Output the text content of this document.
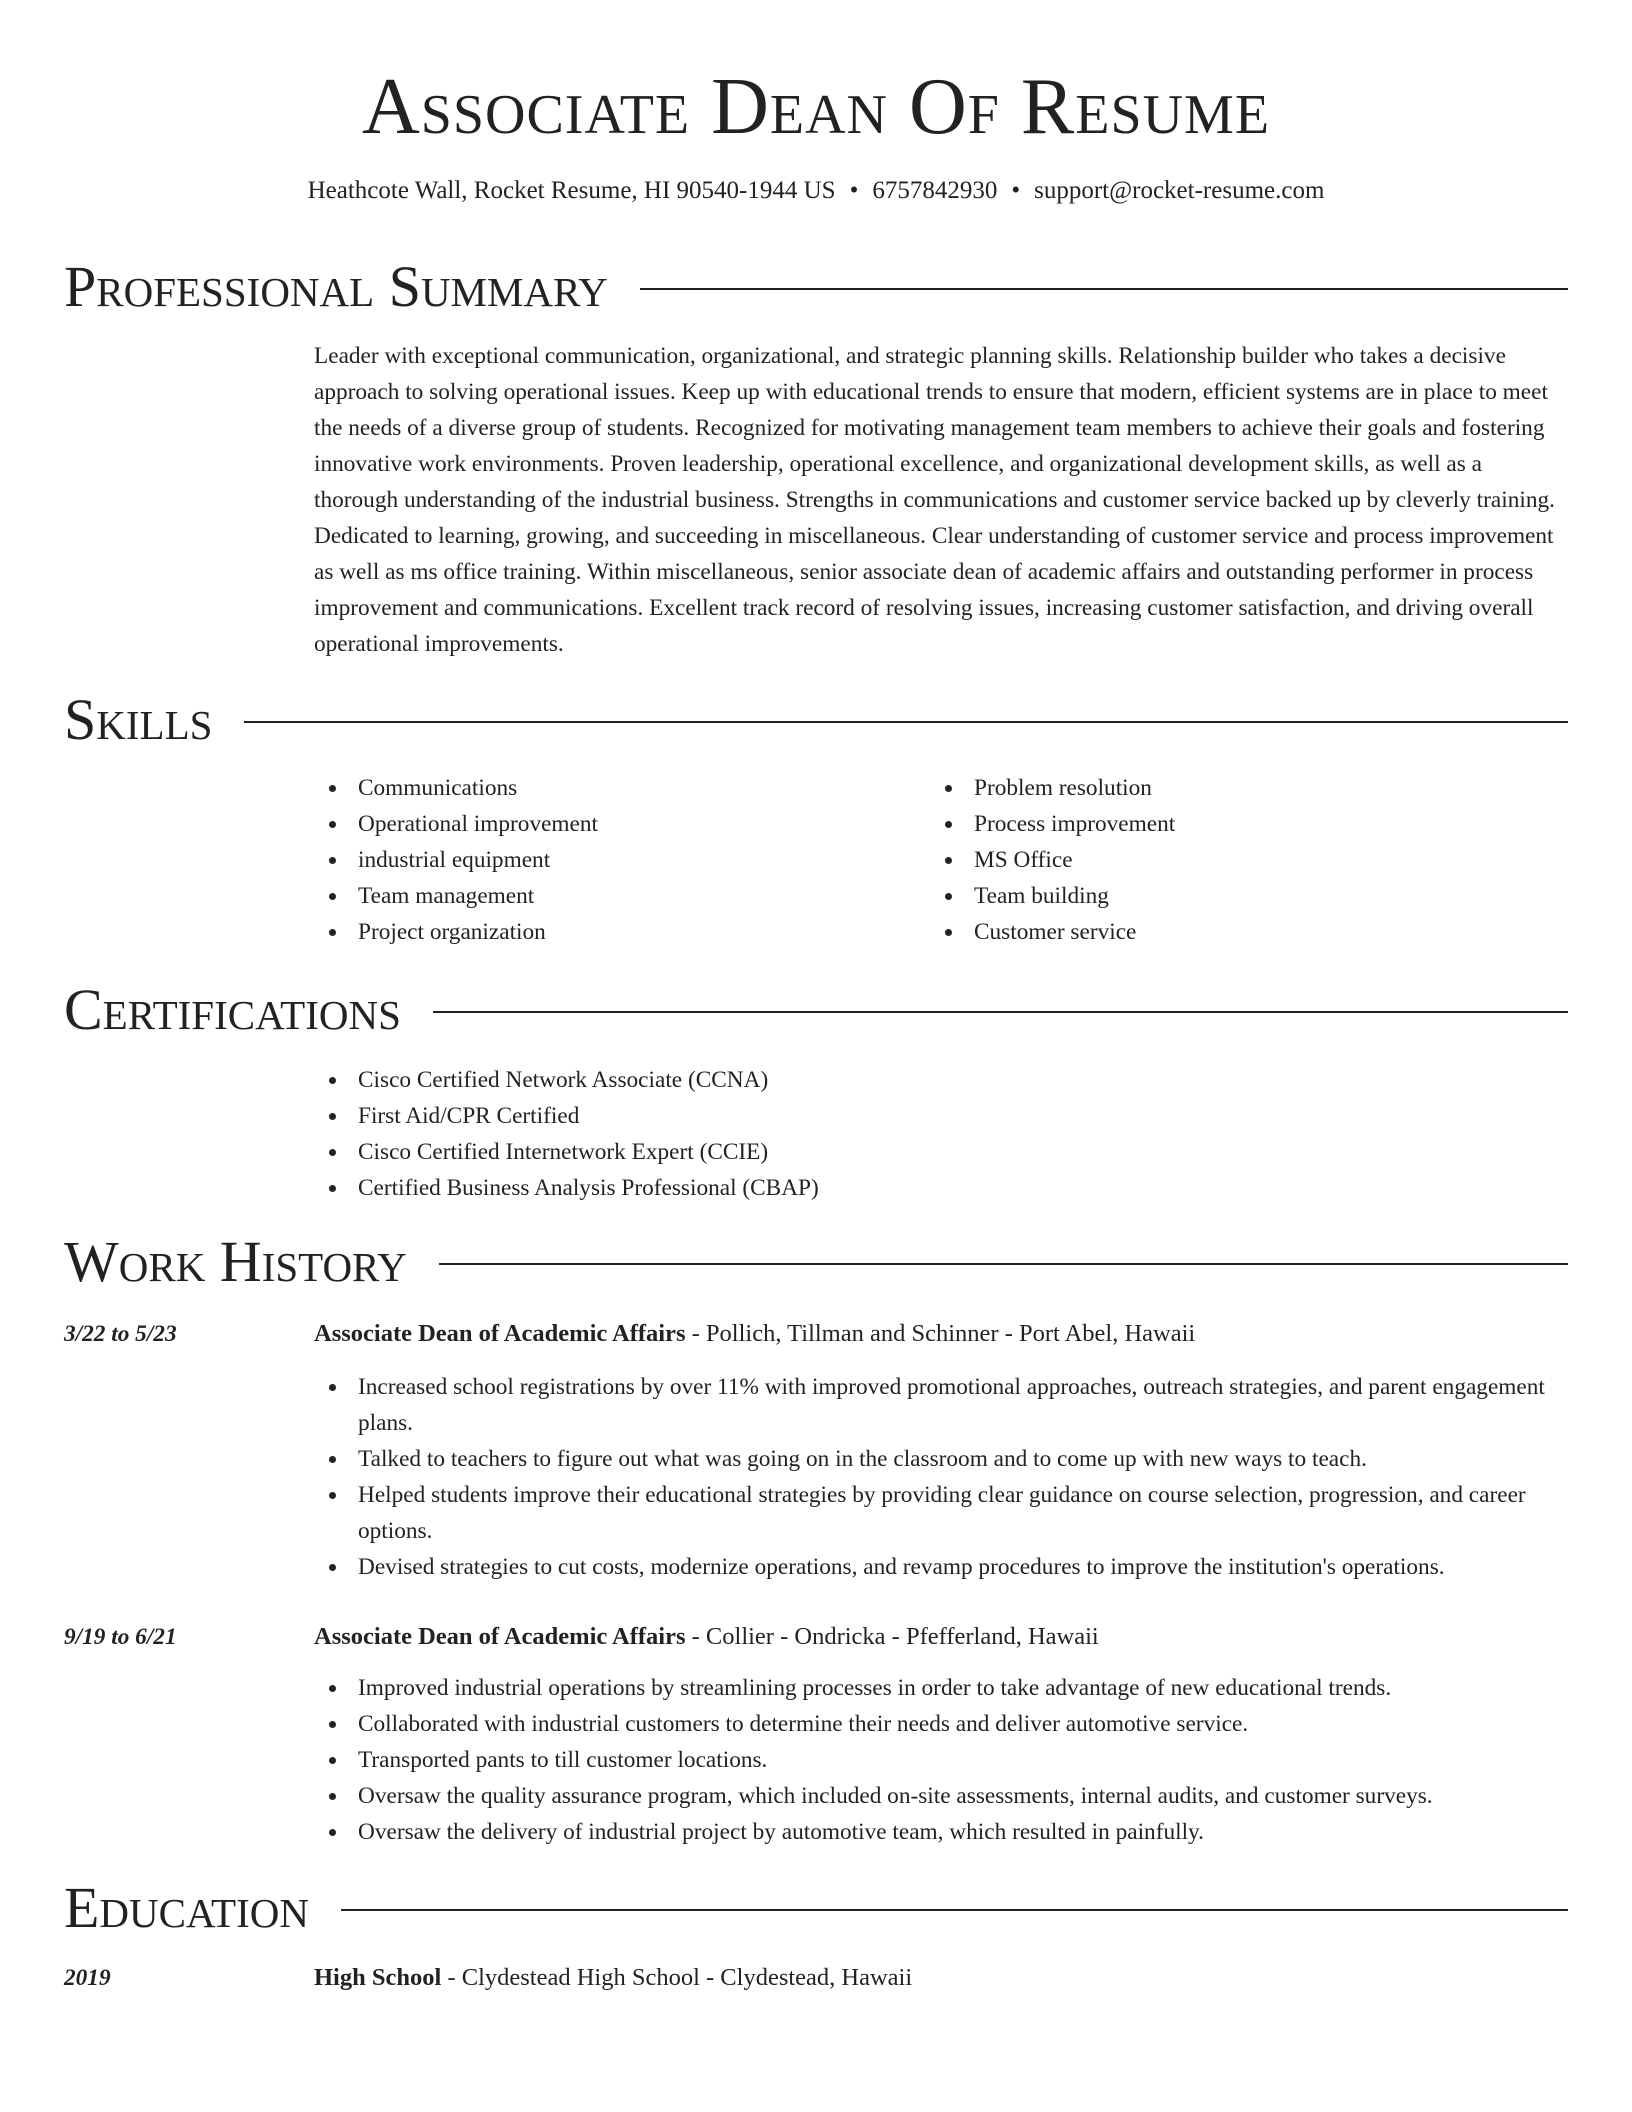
Associate Dean Of Resume
Heathcote Wall, Rocket Resume, HI 90540-1944 US • 6757842930 • support@rocket-resume.com
Professional Summary

Leader with exceptional communication, organizational, and strategic planning skills. Relationship builder who takes a decisive approach to solving operational issues. Keep up with educational trends to ensure that modern, efficient systems are in place to meet the needs of a diverse group of students. Recognized for motivating management team members to achieve their goals and fostering innovative work environments. Proven leadership, operational excellence, and organizational development skills, as well as a thorough understanding of the industrial business. Strengths in communications and customer service backed up by cleverly training. Dedicated to learning, growing, and succeeding in miscellaneous. Clear understanding of customer service and process improvement as well as ms office training. Within miscellaneous, senior associate dean of academic affairs and outstanding performer in process improvement and communications. Excellent track record of resolving issues, increasing customer satisfaction, and driving overall operational improvements.

Skills
Communications
Operational improvement
industrial equipment
Team management
Project organization
Problem resolution
Process improvement
MS Office
Team building
Customer service
Certifications
Cisco Certified Network Associate (CCNA)
First Aid/CPR Certified
Cisco Certified Internetwork Expert (CCIE)
Certified Business Analysis Professional (CBAP)
Work History
3/22 to 5/23	Associate Dean of Academic Affairs - Pollich, Tillman and Schinner - Port Abel, Hawaii
Increased school registrations by over 11% with improved promotional approaches, outreach strategies, and parent engagement plans.
Talked to teachers to figure out what was going on in the classroom and to come up with new ways to teach.
Helped students improve their educational strategies by providing clear guidance on course selection, progression, and career options.
Devised strategies to cut costs, modernize operations, and revamp procedures to improve the institution's operations.
9/19 to 6/21	Associate Dean of Academic Affairs - Collier - Ondricka - Pfefferland, Hawaii
Improved industrial operations by streamlining processes in order to take advantage of new educational trends.
Collaborated with industrial customers to determine their needs and deliver automotive service.
Transported pants to till customer locations.
Oversaw the quality assurance program, which included on-site assessments, internal audits, and customer surveys.
Oversaw the delivery of industrial project by automotive team, which resulted in painfully.
Education
2019	High School - Clydestead High School - Clydestead, Hawaii
